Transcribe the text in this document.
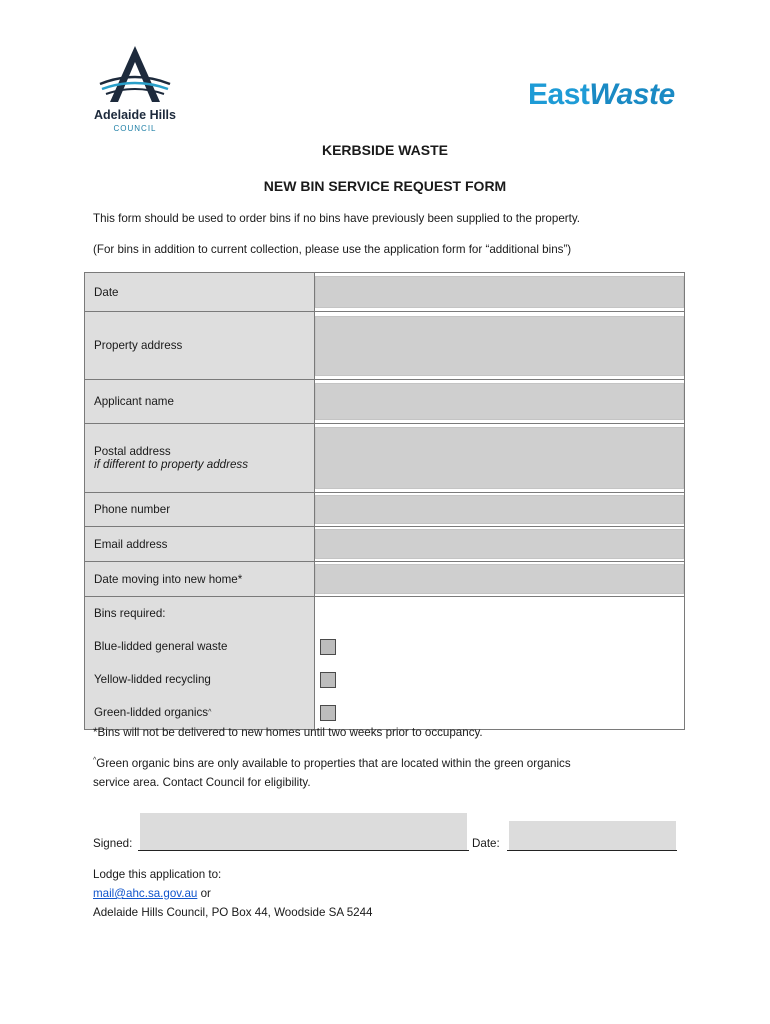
Adelaide Hills
COUNCIL
EastWaste
KERBSIDE WASTE
NEW BIN SERVICE REQUEST FORM
This form should be used to order bins if no bins have previously been supplied to the property.
(For bins in addition to current collection, please use the application form for “additional bins”)
Date	

Property address	

Applicant name	

Postal address
if different to property address	

Phone number	

Email address	

Date moving into new home*	

Bins required:
Blue-lidded general waste
Yellow-lidded recycling
Green-lidded organics ^	

*Bins will not be delivered to new homes until two weeks prior to occupancy.
^Green organic bins are only available to properties that are located within the green organics
service area. Contact Council for eligibility.
Signed:	Date:
Lodge this application to:
mail@ahc.sa.gov.au or
Adelaide Hills Council, PO Box 44, Woodside SA 5244
